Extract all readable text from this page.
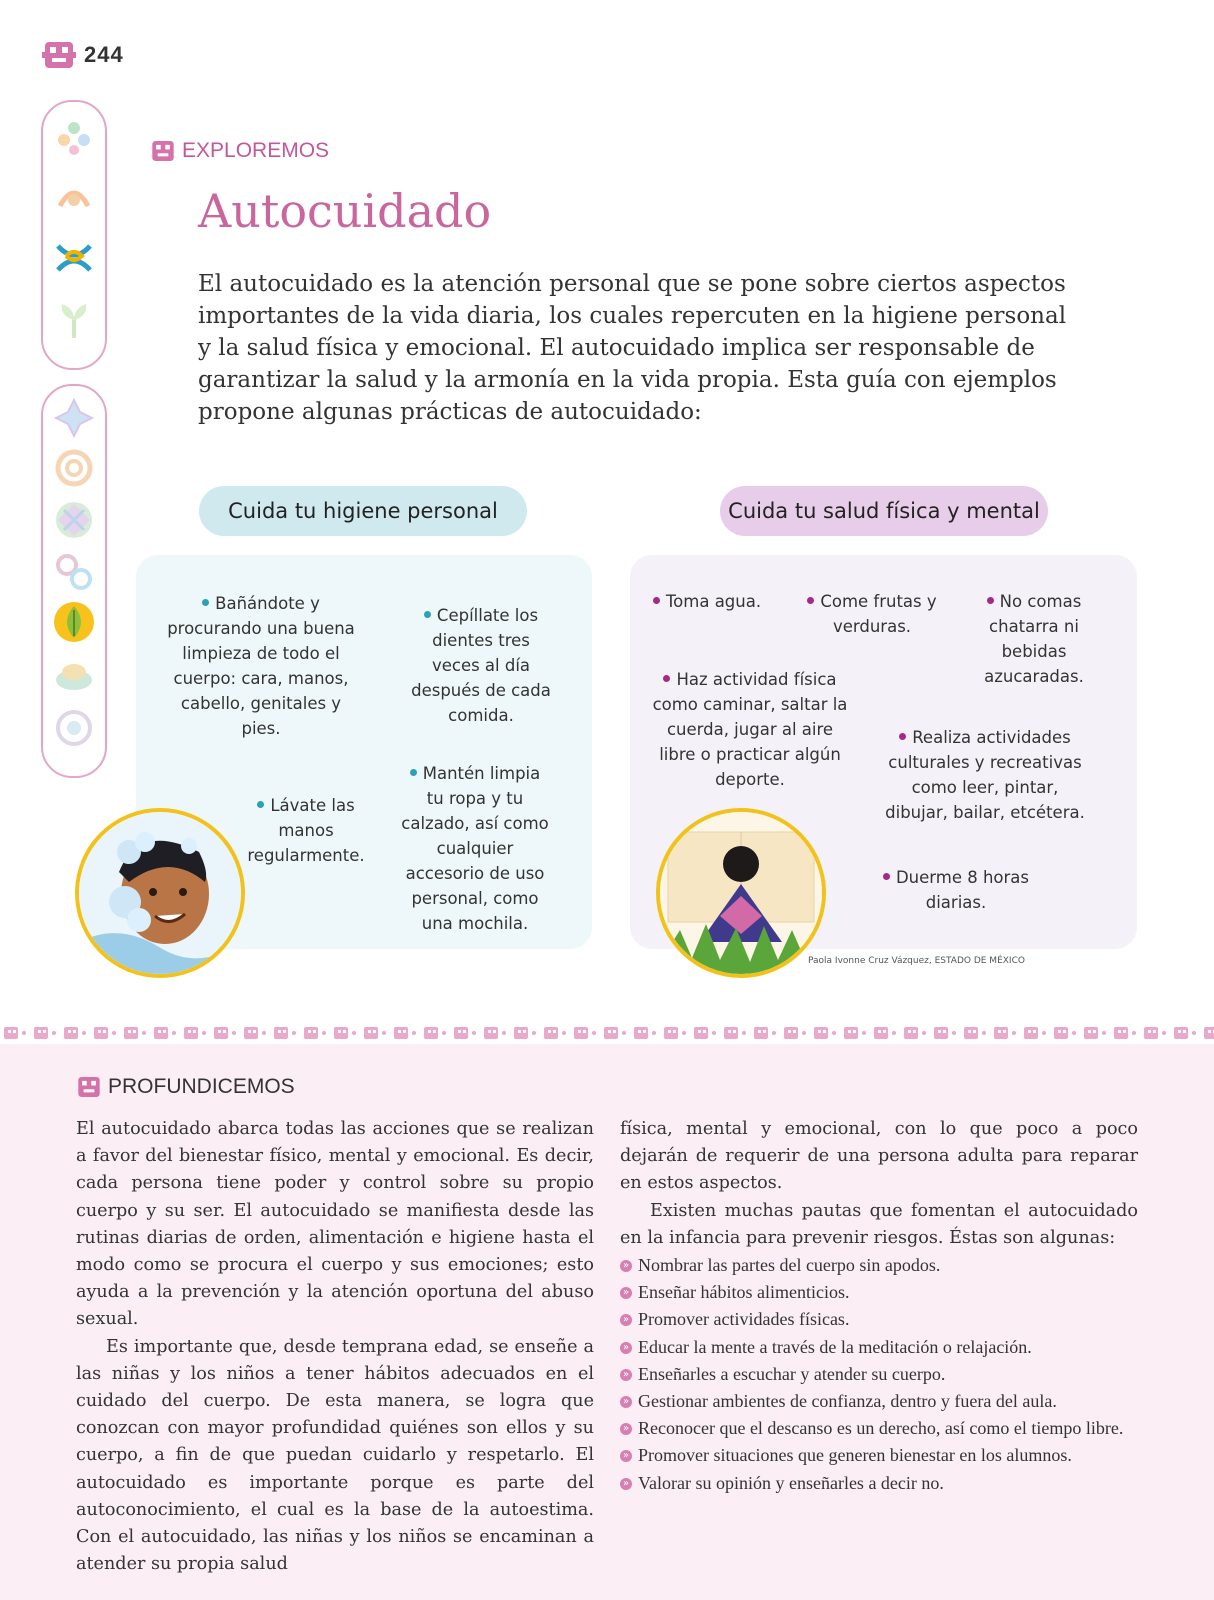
244
EXPLOREMOS
Autocuidado

El autocuidado es la atención personal que se pone sobre ciertos aspectos importantes de la vida diaria, los cuales repercuten en la higiene personal y la salud física y emocional. El autocuidado implica ser responsable de garantizar la salud y la armonía en la vida propia. Esta guía con ejemplos propone algunas prácticas de autocuidado:

Cuida tu higiene personal	Cuida tu salud física y mental

Bañándote y procurando una buena limpieza de todo el cuerpo: cara, manos, cabello, genitales y pies.

Cepíllate los dientes tres veces al día después de cada comida.

Lávate las manos regularmente.

Mantén limpia tu ropa y tu calzado, así como cualquier accesorio de uso personal, como una mochila.

Toma agua.	Come frutas y verduras.

No comas chatarra ni bebidas azucaradas.

Haz actividad física como caminar, saltar la cuerda, jugar al aire libre o practicar algún deporte.

Realiza actividades culturales y recreativas como leer, pintar, dibujar, bailar, etcétera.

Duerme 8 horas diarias.

Paola Ivonne Cruz Vázquez, ESTADO DE MÉXICO
PROFUNDICEMOS

El autocuidado abarca todas las acciones que se realizan a favor del bienestar físico, mental y emocional. Es decir, cada persona tiene poder y control sobre su propio cuerpo y su ser. El autocuidado se manifiesta desde las rutinas diarias de orden, alimentación e higiene hasta el modo como se procura el cuerpo y sus emociones; esto ayuda a la prevención y la atención oportuna del abuso sexual.

Es importante que, desde temprana edad, se enseñe a las niñas y los niños a tener hábitos adecuados en el cuidado del cuerpo. De esta manera, se logra que conozcan con mayor profundidad quiénes son ellos y su cuerpo, a fin de que puedan cuidarlo y respetarlo. El autocuidado es importante porque es parte del autoconocimiento, el cual es la base de la autoestima. Con el autocuidado, las niñas y los niños se encaminan a atender su propia salud

física, mental y emocional, con lo que poco a poco dejarán de requerir de una persona adulta para reparar en estos aspectos.

Existen muchas pautas que fomentan el autocuidado en la infancia para prevenir riesgos. Éstas son algunas:

» Nombrar las partes del cuerpo sin apodos.
» Enseñar hábitos alimenticios.
» Promover actividades físicas.
» Educar la mente a través de la meditación o relajación.
» Enseñarles a escuchar y atender su cuerpo.
» Gestionar ambientes de confianza, dentro y fuera del aula.
» Reconocer que el descanso es un derecho, así como el tiempo libre.
» Promover situaciones que generen bienestar en los alumnos.
» Valorar su opinión y enseñarles a decir no.
